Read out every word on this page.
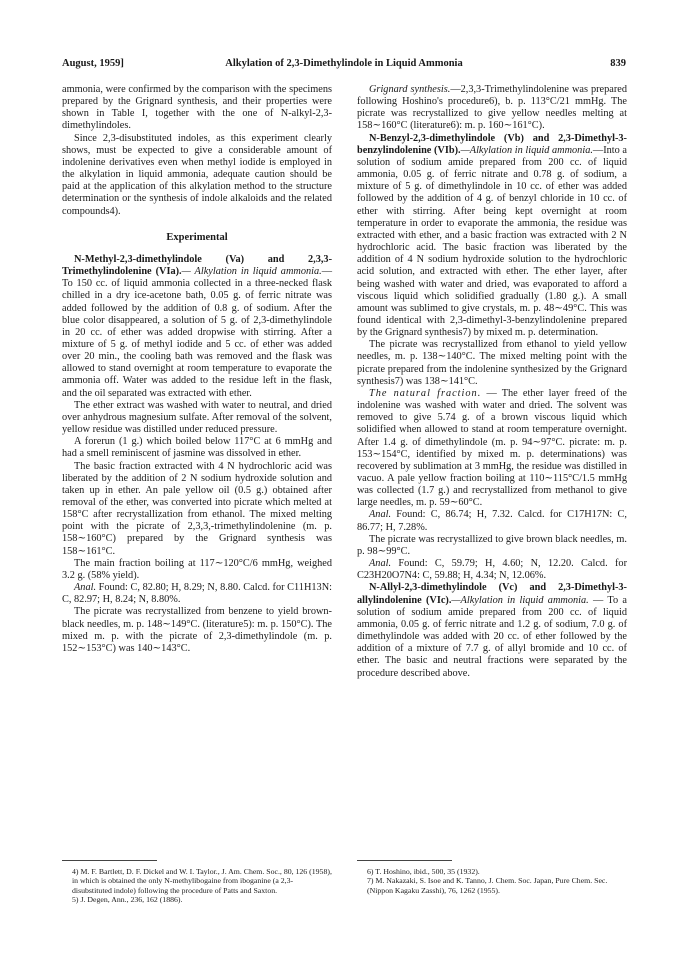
August, 1959]	Alkylation of 2,3-Dimethylindole in Liquid Ammonia	839

ammonia, were confirmed by the comparison with the specimens prepared by the Grignard synthesis, and their properties were shown in Table I, together with the one of N-alkyl-2,3-dimethylindoles.

Since 2,3-disubstituted indoles, as this experiment clearly shows, must be expected to give a considerable amount of indolenine derivatives even when methyl iodide is employed in the alkylation in liquid ammonia, adequate caution should be paid at the application of this alkylation method to the structure determination or the synthesis of indole alkaloids and the related compounds4).

Experimental

N-Methyl-2,3-dimethylindole (Va) and 2,3,3-Trimethylindolenine (VIa).— Alkylation in liquid ammonia.—To 150 cc. of liquid ammonia collected in a three-necked flask chilled in a dry ice-acetone bath, 0.05 g. of ferric nitrate was added followed by the addition of 0.8 g. of sodium. After the blue color disappeared, a solution of 5 g. of 2,3-dimethylindole in 20 cc. of ether was added dropwise with stirring. After a mixture of 5 g. of methyl iodide and 5 cc. of ether was added over 20 min., the cooling bath was removed and the flask was allowed to stand overnight at room temperature to evaporate the ammonia off. Water was added to the residue left in the flask, and the oil separated was extracted with ether.

The ether extract was washed with water to neutral, and dried over anhydrous magnesium sulfate. After removal of the solvent, yellow residue was distilled under reduced pressure.

A forerun (1 g.) which boiled below 117°C at 6 mmHg and had a smell reminiscent of jasmine was dissolved in ether.

The basic fraction extracted with 4 N hydrochloric acid was liberated by the addition of 2 N sodium hydroxide solution and taken up in ether. An pale yellow oil (0.5 g.) obtained after removal of the ether, was converted into picrate which melted at 158°C after recrystallization from ethanol. The mixed melting point with the picrate of 2,3,3,-trimethylindolenine (m. p. 158∼160°C) prepared by the Grignard synthesis was 158∼161°C.

The main fraction boiling at 117∼120°C/6 mmHg, weighed 3.2 g. (58% yield).

Anal. Found: C, 82.80; H, 8.29; N, 8.80. Calcd. for C11H13N: C, 82.97; H, 8.24; N, 8.80%.

The picrate was recrystallized from benzene to yield brown-black needles, m. p. 148∼149°C. (literature5): m. p. 150°C). The mixed m. p. with the picrate of 2,3-dimethylindole (m. p. 152∼153°C) was 140∼143°C.

Grignard synthesis.—2,3,3-Trimethylindolenine was prepared following Hoshino's procedure6), b. p. 113°C/21 mmHg. The picrate was recrystallized to give yellow needles melting at 158∼160°C (literature6): m. p. 160∼161°C).

N-Benzyl-2,3-dimethylindole (Vb) and 2,3-Dimethyl-3-benzylindolenine (VIb).—Alkylation in liquid ammonia.—Into a solution of sodium amide prepared from 200 cc. of liquid ammonia, 0.05 g. of ferric nitrate and 0.78 g. of sodium, a mixture of 5 g. of dimethylindole in 10 cc. of ether was added followed by the addition of 4 g. of benzyl chloride in 10 cc. of ether with stirring. After being kept overnight at room temperature in order to evaporate the ammonia, the residue was extracted with ether, and a basic fraction was extracted with 2 N hydrochloric acid. The basic fraction was liberated by the addition of 4 N sodium hydroxide solution to the hydrochloric acid solution, and extracted with ether. The ether layer, after being washed with water and dried, was evaporated to afford a viscous liquid which solidified gradually (1.80 g.). A small amount was sublimed to give crystals, m. p. 48∼49°C. This was found identical with 2,3-dimethyl-3-benzylindolenine prepared by the Grignard synthesis7) by mixed m. p. determination.

The picrate was recrystallized from ethanol to yield yellow needles, m. p. 138∼140°C. The mixed melting point with the picrate prepared from the indolenine synthesized by the Grignard synthesis7) was 138∼141°C.

The natural fraction. — The ether layer freed of the indolenine was washed with water and dried. The solvent was removed to give 5.74 g. of a brown viscous liquid which solidified when allowed to stand at room temperature overnight. After 1.4 g. of dimethylindole (m. p. 94∼97°C. picrate: m. p. 153∼154°C, identified by mixed m. p. determinations) was recovered by sublimation at 3 mmHg, the residue was distilled in vacuo. A pale yellow fraction boiling at 110∼115°C/1.5 mmHg was collected (1.7 g.) and recrystallized from methanol to give large needles, m. p. 59∼60°C.

Anal. Found: C, 86.74; H, 7.32. Calcd. for C17H17N: C, 86.77; H, 7.28%.

The picrate was recrystallized to give brown black needles, m. p. 98∼99°C.

Anal. Found: C, 59.79; H, 4.60; N, 12.20. Calcd. for C23H20O7N4: C, 59.88; H, 4.34; N, 12.06%.

N-Allyl-2,3-dimethylindole (Vc) and 2,3-Dimethyl-3-allylindolenine (VIc).—Alkylation in liquid ammonia. — To a solution of sodium amide prepared from 200 cc. of liquid ammonia, 0.05 g. of ferric nitrate and 1.2 g. of sodium, 7.0 g. of dimethylindole was added with 20 cc. of ether followed by the addition of a mixture of 7.7 g. of allyl bromide and 10 cc. of ether. The basic and neutral fractions were separated by the procedure described above.

4) M. F. Bartlett, D. F. Dickel and W. I. Taylor., J. Am. Chem. Soc., 80, 126 (1958), in which is obtained the only N-methylibogaine from iboganine (a 2,3-disubstituted indole) following the procedure of Patts and Saxton.

5) J. Degen, Ann., 236, 162 (1886).

6) T. Hoshino, ibid., 500, 35 (1932).

7) M. Nakazaki, S. Isoe and K. Tanno, J. Chem. Soc. Japan, Pure Chem. Sec. (Nippon Kagaku Zasshi), 76, 1262 (1955).
